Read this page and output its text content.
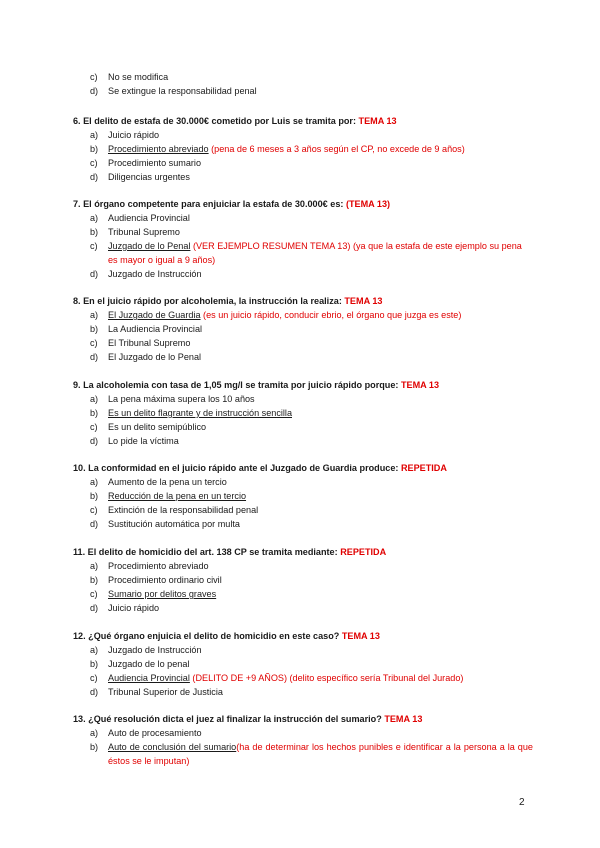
c) No se modifica
d) Se extingue la responsabilidad penal
6. El delito de estafa de 30.000€ cometido por Luis se tramita por: TEMA 13
a) Juicio rápido
b) Procedimiento abreviado (pena de 6 meses a 3 años según el CP, no excede de 9 años)
c) Procedimiento sumario
d) Diligencias urgentes
7. El órgano competente para enjuiciar la estafa de 30.000€ es: (TEMA 13)
a) Audiencia Provincial
b) Tribunal Supremo
c) Juzgado de lo Penal (VER EJEMPLO RESUMEN TEMA 13) (ya que la estafa de este ejemplo su pena es mayor o igual a 9 años)
d) Juzgado de Instrucción
8. En el juicio rápido por alcoholemia, la instrucción la realiza: TEMA 13
a) El Juzgado de Guardia (es un juicio rápido, conducir ebrio, el órgano que juzga es este)
b) La Audiencia Provincial
c) El Tribunal Supremo
d) El Juzgado de lo Penal
9. La alcoholemia con tasa de 1,05 mg/l se tramita por juicio rápido porque: TEMA 13
a) La pena máxima supera los 10 años
b) Es un delito flagrante y de instrucción sencilla
c) Es un delito semipúblico
d) Lo pide la víctima
10. La conformidad en el juicio rápido ante el Juzgado de Guardia produce: REPETIDA
a) Aumento de la pena un tercio
b) Reducción de la pena en un tercio
c) Extinción de la responsabilidad penal
d) Sustitución automática por multa
11. El delito de homicidio del art. 138 CP se tramita mediante: REPETIDA
a) Procedimiento abreviado
b) Procedimiento ordinario civil
c) Sumario por delitos graves
d) Juicio rápido
12. ¿Qué órgano enjuicia el delito de homicidio en este caso? TEMA 13
a) Juzgado de Instrucción
b) Juzgado de lo penal
c) Audiencia Provincial (DELITO DE +9 AÑOS) (delito específico sería Tribunal del Jurado)
d) Tribunal Superior de Justicia
13. ¿Qué resolución dicta el juez al finalizar la instrucción del sumario? TEMA 13
a) Auto de procesamiento
b) Auto de conclusión del sumario(ha de determinar los hechos punibles e identificar a la persona a la que éstos se le imputan)
2
